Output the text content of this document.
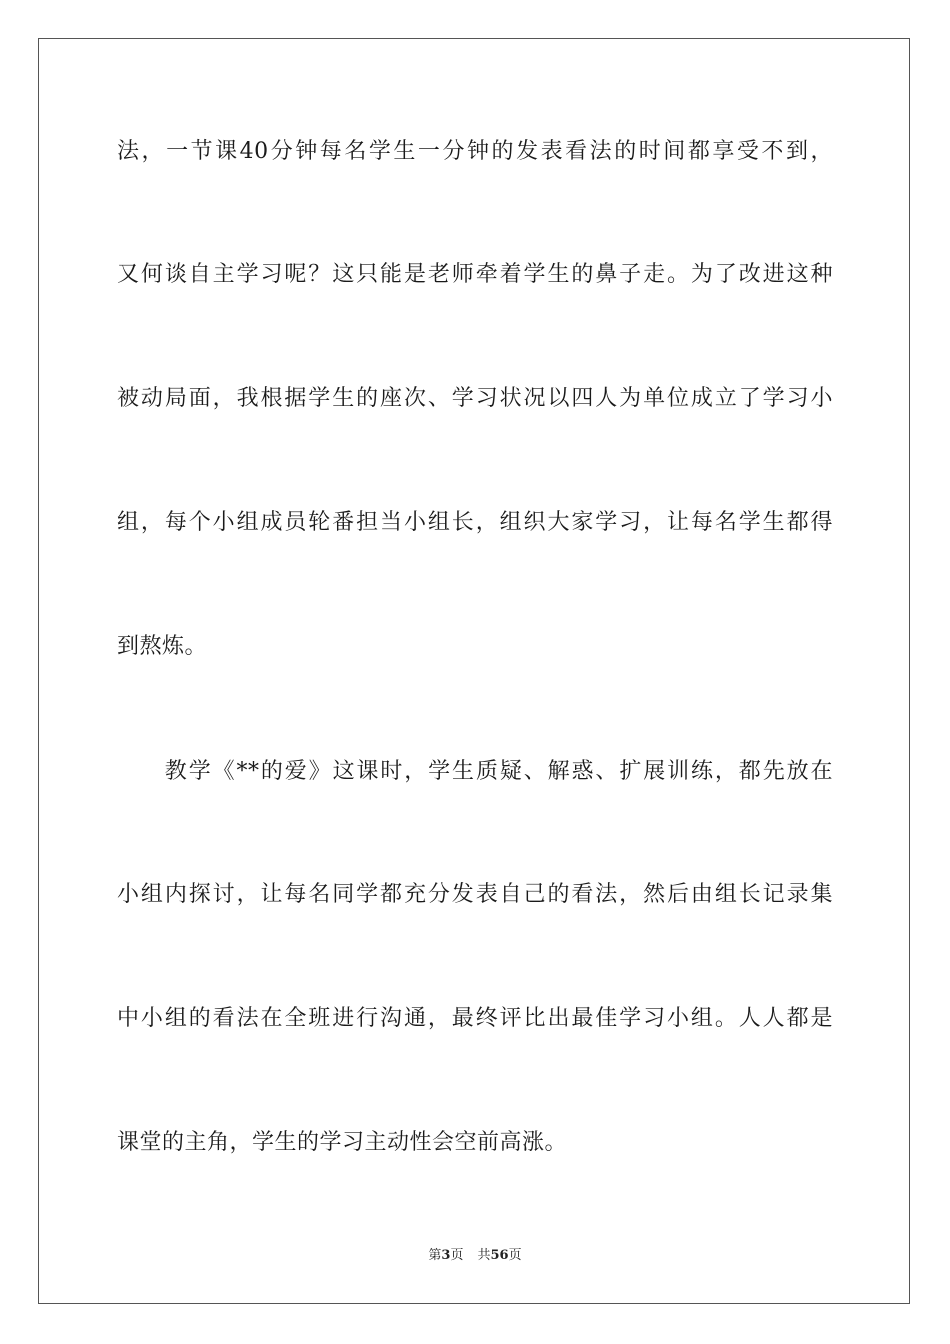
法，一节课40分钟每名学生一分钟的发表看法的时间都享受不到，
又何谈自主学习呢？这只能是老师牵着学生的鼻子走。为了改进这种
被动局面，我根据学生的座次、学习状况以四人为单位成立了学习小
组，每个小组成员轮番担当小组长，组织大家学习，让每名学生都得
到熬炼。
　　教学《**的爱》这课时，学生质疑、解惑、扩展训练，都先放在
小组内探讨，让每名同学都充分发表自己的看法，然后由组长记录集
中小组的看法在全班进行沟通，最终评比出最佳学习小组。人人都是
课堂的主角，学生的学习主动性会空前高涨。
第3页 共56页
